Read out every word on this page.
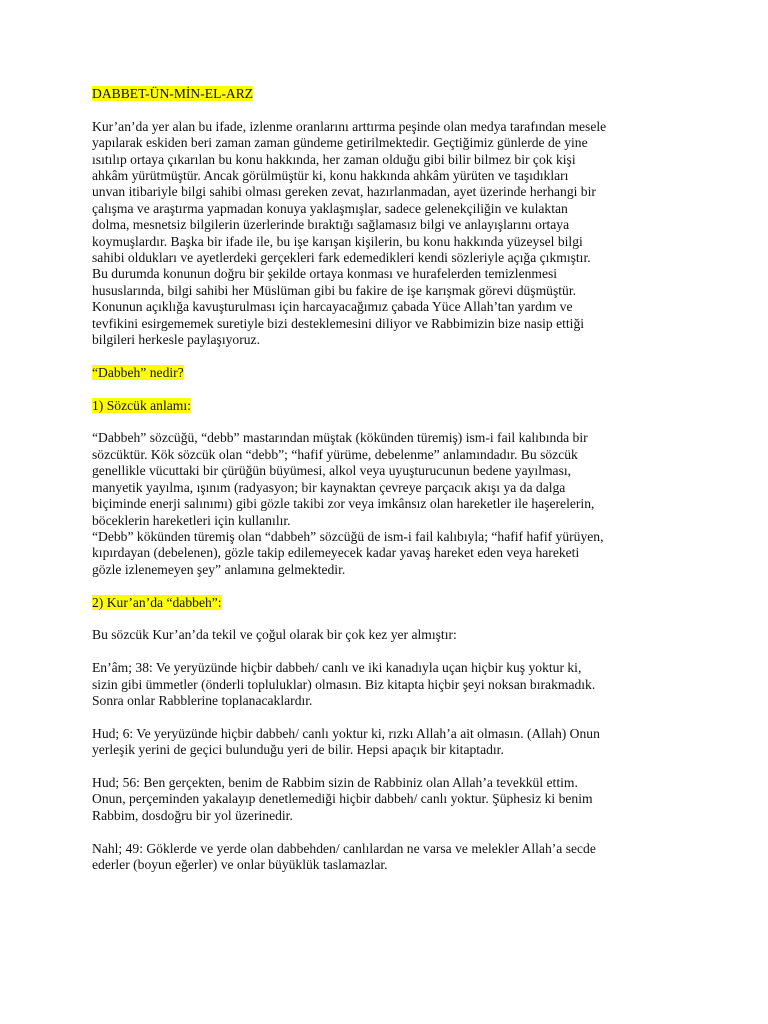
DABBET-ÜN-MİN-EL-ARZ

Kur’an’da yer alan bu ifade, izlenme oranlarını arttırma peşinde olan medya tarafından mesele
yapılarak eskiden beri zaman zaman gündeme getirilmektedir. Geçtiğimiz günlerde de yine
ısıtılıp ortaya çıkarılan bu konu hakkında, her zaman olduğu gibi bilir bilmez bir çok kişi
ahkâm yürütmüştür. Ancak görülmüştür ki, konu hakkında ahkâm yürüten ve taşıdıkları
unvan itibariyle bilgi sahibi olması gereken zevat, hazırlanmadan, ayet üzerinde herhangi bir
çalışma ve araştırma yapmadan konuya yaklaşmışlar, sadece gelenekçiliğin ve kulaktan
dolma, mesnetsiz bilgilerin üzerlerinde bıraktığı sağlamasız bilgi ve anlayışlarını ortaya
koymuşlardır. Başka bir ifade ile, bu işe karışan kişilerin, bu konu hakkında yüzeysel bilgi
sahibi oldukları ve ayetlerdeki gerçekleri fark edemedikleri kendi sözleriyle açığa çıkmıştır.
Bu durumda konunun doğru bir şekilde ortaya konması ve hurafelerden temizlenmesi
hususlarında, bilgi sahibi her Müslüman gibi bu fakire de işe karışmak görevi düşmüştür.
Konunun açıklığa kavuşturulması için harcayacağımız çabada Yüce Allah’tan yardım ve
tevfikini esirgememek suretiyle bizi desteklemesini diliyor ve Rabbimizin bize nasip ettiği
bilgileri herkesle paylaşıyoruz.

“Dabbeh” nedir?

1) Sözcük anlamı:

“Dabbeh” sözcüğü, “debb” mastarından müştak (kökünden türemiş) ism-i fail kalıbında bir
sözcüktür. Kök sözcük olan “debb”; “hafif yürüme, debelenme” anlamındadır. Bu sözcük
genellikle vücuttaki bir çürüğün büyümesi, alkol veya uyuşturucunun bedene yayılması,
manyetik yayılma, ışınım (radyasyon; bir kaynaktan çevreye parçacık akışı ya da dalga
biçiminde enerji salınımı) gibi gözle takibi zor veya imkânsız olan hareketler ile haşerelerin,
böceklerin hareketleri için kullanılır.
“Debb” kökünden türemiş olan “dabbeh” sözcüğü de ism-i fail kalıbıyla; “hafif hafif yürüyen,
kıpırdayan (debelenen), gözle takip edilemeyecek kadar yavaş hareket eden veya hareketi
gözle izlenemeyen şey” anlamına gelmektedir.

2) Kur’an’da “dabbeh”:

Bu sözcük Kur’an’da tekil ve çoğul olarak bir çok kez yer almıştır:

En’âm; 38: Ve yeryüzünde hiçbir dabbeh/ canlı ve iki kanadıyla uçan hiçbir kuş yoktur ki,
sizin gibi ümmetler (önderli topluluklar) olmasın. Biz kitapta hiçbir şeyi noksan bırakmadık.
Sonra onlar Rabblerine toplanacaklardır.

Hud; 6: Ve yeryüzünde hiçbir dabbeh/ canlı yoktur ki, rızkı Allah’a ait olmasın. (Allah) Onun
yerleşik yerini de geçici bulunduğu yeri de bilir. Hepsi apaçık bir kitaptadır.

Hud; 56: Ben gerçekten, benim de Rabbim sizin de Rabbiniz olan Allah’a tevekkül ettim.
Onun, perçeminden yakalayıp denetlemediği hiçbir dabbeh/ canlı yoktur. Şüphesiz ki benim
Rabbim, dosdoğru bir yol üzerinedir.

Nahl; 49: Göklerde ve yerde olan dabbehden/ canlılardan ne varsa ve melekler Allah’a secde
ederler (boyun eğerler) ve onlar büyüklük taslamazlar.
